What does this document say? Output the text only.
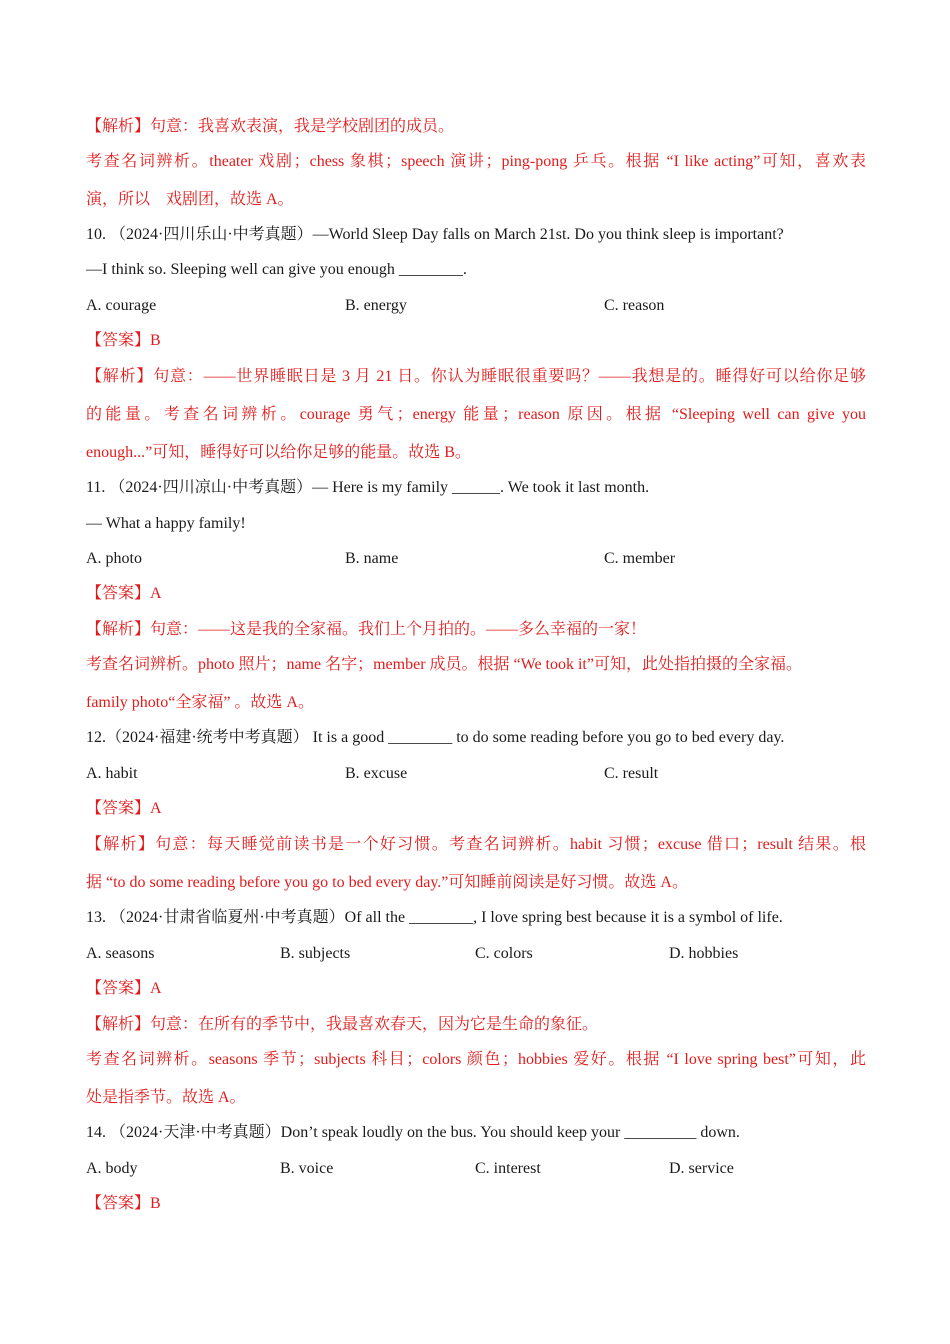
【解析】句意：我喜欢表演，我是学校剧团的成员。
考查名词辨析。theater 戏剧；chess 象棋；speech 演讲；ping-pong 乒乓。根据 “I like acting”可知，喜欢表
演，所以　戏剧团，故选 A。
10. （2024·四川乐山·中考真题）—World Sleep Day falls on March 21st. Do you think sleep is important?
—I think so. Sleeping well can give you enough ________.
A. courage	B. energy	C. reason
【答案】B
【解析】句意：——世界睡眠日是 3 月 21 日。你认为睡眠很重要吗？——我想是的。睡得好可以给你足够
的能量。考查名词辨析。courage 勇气；energy 能量；reason 原因。根据 “Sleeping well can give you
enough...”可知，睡得好可以给你足够的能量。故选 B。
11. （2024·四川凉山·中考真题）— Here is my family ______. We took it last month.
— What a happy family!
A. photo	B. name	C. member
【答案】A
【解析】句意：——这是我的全家福。我们上个月拍的。——多么幸福的一家！
考查名词辨析。photo 照片；name 名字；member 成员。根据 “We took it”可知，此处指拍摄的全家福。
family photo“全家福” 。故选 A。
12.（2024·福建·统考中考真题） It is a good ________ to do some reading before you go to bed every day.
A. habit	B. excuse	C. result
【答案】A
【解析】句意：每天睡觉前读书是一个好习惯。考查名词辨析。habit 习惯；excuse 借口；result 结果。根
据 “to do some reading before you go to bed every day.”可知睡前阅读是好习惯。故选 A。
13. （2024·甘肃省临夏州·中考真题）Of all the ________, I love spring best because it is a symbol of life.
A. seasons	B. subjects	C. colors	D. hobbies
【答案】A
【解析】句意：在所有的季节中，我最喜欢春天，因为它是生命的象征。
考查名词辨析。seasons 季节；subjects 科目；colors 颜色；hobbies 爱好。根据 “I love spring best”可知，此
处是指季节。故选 A。
14. （2024·天津·中考真题）Don’t speak loudly on the bus. You should keep your _________ down.
A. body	B. voice	C. interest	D. service
【答案】B
